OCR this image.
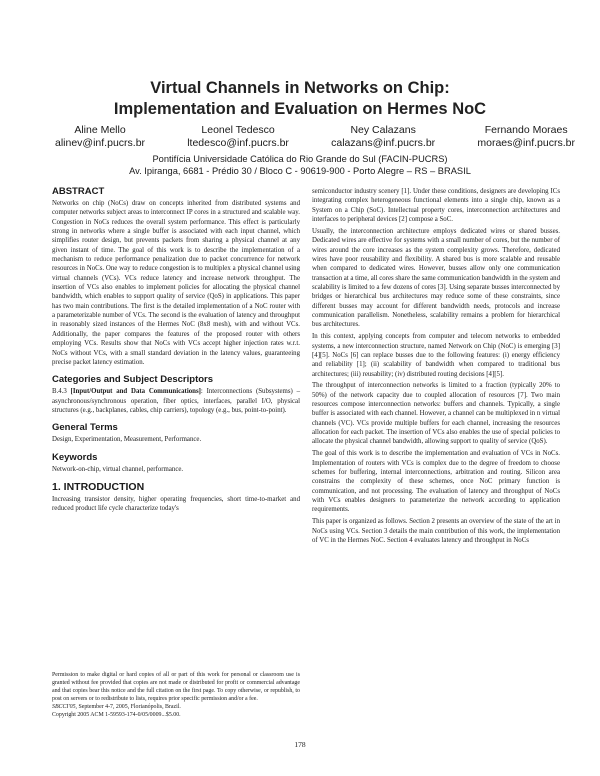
Virtual Channels in Networks on Chip:
Implementation and Evaluation on Hermes NoC
Aline Mello
alinev@inf.pucrs.br
Leonel Tedesco
ltedesco@inf.pucrs.br
Ney Calazans
calazans@inf.pucrs.br
Fernando Moraes
moraes@inf.pucrs.br
Pontifícia Universidade Católica do Rio Grande do Sul (FACIN-PUCRS)
Av. Ipiranga, 6681 - Prédio 30 / Bloco C - 90619-900 - Porto Alegre – RS – BRASIL
ABSTRACT

Networks on chip (NoCs) draw on concepts inherited from distributed systems and computer networks subject areas to interconnect IP cores in a structured and scalable way. Congestion in NoCs reduces the overall system performance. This effect is particularly strong in networks where a single buffer is associated with each input channel, which simplifies router design, but prevents packets from sharing a physical channel at any given instant of time. The goal of this work is to describe the implementation of a mechanism to reduce performance penalization due to packet concurrence for network resources in NoCs. One way to reduce congestion is to multiplex a physical channel using virtual channels (VCs). VCs reduce latency and increase network throughput. The insertion of VCs also enables to implement policies for allocating the physical channel bandwidth, which enables to support quality of service (QoS) in applications. This paper has two main contributions. The first is the detailed implementation of a NoC router with a parameterizable number of VCs. The second is the evaluation of latency and throughput in reasonably sized instances of the Hermes NoC (8x8 mesh), with and without VCs. Additionally, the paper compares the features of the proposed router with others employing VCs. Results show that NoCs with VCs accept higher injection rates w.r.t. NoCs without VCs, with a small standard deviation in the latency values, guaranteeing precise packet latency estimation.

Categories and Subject Descriptors

B.4.3 [Input/Output and Data Communications]: Interconnections (Subsystems) – asynchronous/synchronous operation, fiber optics, interfaces, parallel I/O, physical structures (e.g., backplanes, cables, chip carriers), topology (e.g., bus, point-to-point).

General Terms

Design, Experimentation, Measurement, Performance.

Keywords

Network-on-chip, virtual channel, performance.

1. INTRODUCTION

Increasing transistor density, higher operating frequencies, short time-to-market and reduced product life cycle characterize today's

Permission to make digital or hard copies of all or part of this work for personal or classroom use is granted without fee provided that copies are not made or distributed for profit or commercial advantage and that copies bear this notice and the full citation on the first page. To copy otherwise, or republish, to post on servers or to redistribute to lists, requires prior specific permission and/or a fee.

SBCCI'05, September 4-7, 2005, Florianópolis, Brazil.

Copyright 2005 ACM 1-59593-174-0/05/0009...$5.00.

semiconductor industry scenery [1]. Under these conditions, designers are developing ICs integrating complex heterogeneous functional elements into a single chip, known as a System on a Chip (SoC). Intellectual property cores, interconnection architectures and interfaces to peripheral devices [2] compose a SoC.

Usually, the interconnection architecture employs dedicated wires or shared busses. Dedicated wires are effective for systems with a small number of cores, but the number of wires around the core increases as the system complexity grows. Therefore, dedicated wires have poor reusability and flexibility. A shared bus is more scalable and reusable when compared to dedicated wires. However, busses allow only one communication transaction at a time, all cores share the same communication bandwidth in the system and scalability is limited to a few dozens of cores [3]. Using separate busses interconnected by bridges or hierarchical bus architectures may reduce some of these constraints, since different busses may account for different bandwidth needs, protocols and increase communication parallelism. Nonetheless, scalability remains a problem for hierarchical bus architectures.

In this context, applying concepts from computer and telecom networks to embedded systems, a new interconnection structure, named Network on Chip (NoC) is emerging [3][4][5]. NoCs [6] can replace busses due to the following features: (i) energy efficiency and reliability [1]; (ii) scalability of bandwidth when compared to traditional bus architectures; (iii) reusability; (iv) distributed routing decisions [4][5].

The throughput of interconnection networks is limited to a fraction (typically 20% to 50%) of the network capacity due to coupled allocation of resources [7]. Two main resources compose interconnection networks: buffers and channels. Typically, a single buffer is associated with each channel. However, a channel can be multiplexed in n virtual channels (VC). VCs provide multiple buffers for each channel, increasing the resources allocation for each packet. The insertion of VCs also enables the use of special policies to allocate the physical channel bandwidth, allowing support to quality of service (QoS).

The goal of this work is to describe the implementation and evaluation of VCs in NoCs. Implementation of routers with VCs is complex due to the degree of freedom to choose schemes for buffering, internal interconnections, arbitration and routing. Silicon area constrains the complexity of these schemes, once NoC primary function is communication, and not processing. The evaluation of latency and throughput of NoCs with VCs enables designers to parameterize the network according to application requirements.

This paper is organized as follows. Section 2 presents an overview of the state of the art in NoCs using VCs. Section 3 details the main contribution of this work, the implementation of VC in the Hermes NoC. Section 4 evaluates latency and throughput in NoCs

178
